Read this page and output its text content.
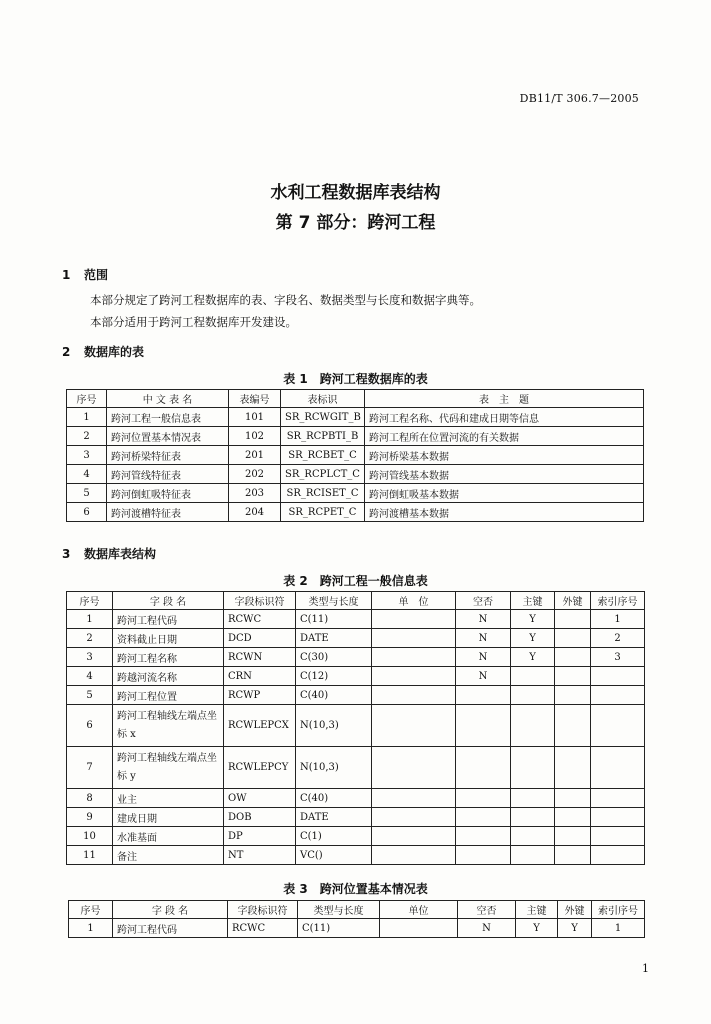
DB11/T 306.7—2005
水利工程数据库表结构
第 7 部分：跨河工程
1 范围
本部分规定了跨河工程数据库的表、字段名、数据类型与长度和数据字典等。
本部分适用于跨河工程数据库开发建设。
2 数据库的表
表 1　跨河工程数据库的表
序号	中 文 表 名	表编号	表标识	表　主　题
1	跨河工程一般信息表	101	SR_RCWGIT_B	跨河工程名称、代码和建成日期等信息
2	跨河位置基本情况表	102	SR_RCPBTI_B	跨河工程所在位置河流的有关数据
3	跨河桥梁特征表	201	SR_RCBET_C	跨河桥梁基本数据
4	跨河管线特征表	202	SR_RCPLCT_C	跨河管线基本数据
5	跨河倒虹吸特征表	203	SR_RCISET_C	跨河倒虹吸基本数据
6	跨河渡槽特征表	204	SR_RCPET_C	跨河渡槽基本数据
3 数据库表结构
表 2　跨河工程一般信息表
序号	字 段 名	字段标识符	类型与长度	单　位	空否	主键	外键	索引序号
1	跨河工程代码	RCWC	C(11)		N	Y		1
2	资料截止日期	DCD	DATE		N	Y		2
3	跨河工程名称	RCWN	C(30)		N	Y		3
4	跨越河流名称	CRN	C(12)		N			
5	跨河工程位置	RCWP	C(40)					
6	跨河工程轴线左端点坐标 x	RCWLEPCX	N(10,3)					
7	跨河工程轴线左端点坐标 y	RCWLEPCY	N(10,3)					
8	业主	OW	C(40)					
9	建成日期	DOB	DATE					
10	水准基面	DP	C(1)					
11	备注	NT	VC()					
表 3　跨河位置基本情况表
序号	字 段 名	字段标识符	类型与长度	单位	空否	主键	外键	索引序号
1	跨河工程代码	RCWC	C(11)		N	Y	Y	1
1
